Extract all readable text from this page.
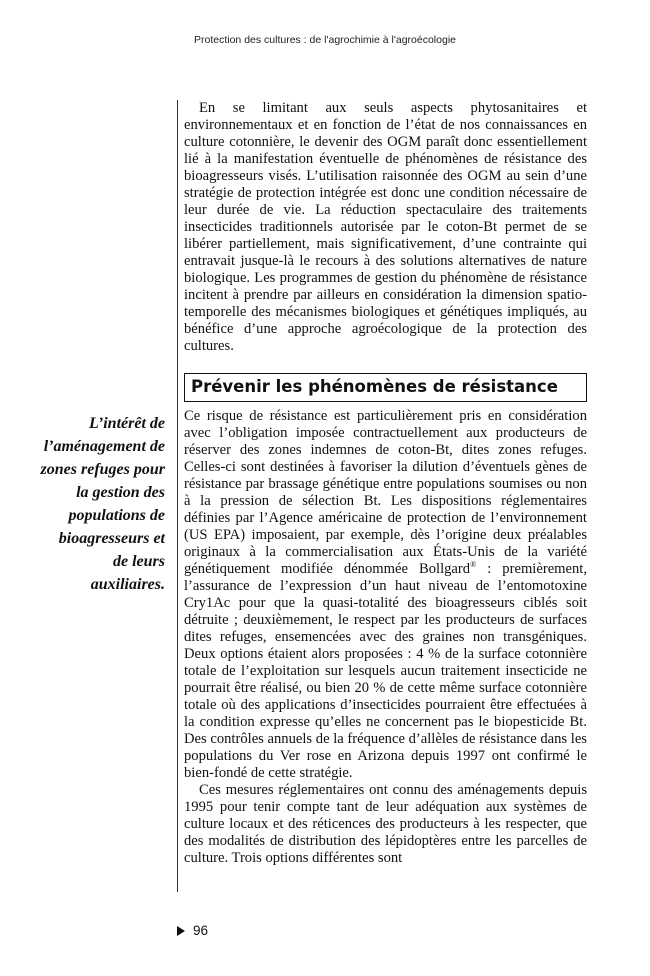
Protection des cultures : de l'agrochimie à l'agroécologie

En se limitant aux seuls aspects phytosanitaires et environnementaux et en fonction de l’état de nos connaissances en culture cotonnière, le devenir des OGM paraît donc essentiellement lié à la manifestation éventuelle de phénomènes de résistance des bioagresseurs visés. L’utilisation raisonnée des OGM au sein d’une stratégie de protection intégrée est donc une condition nécessaire de leur durée de vie. La réduction spectaculaire des traitements insecticides traditionnels autorisée par le coton-Bt permet de se libérer partiellement, mais significativement, d’une contrainte qui entravait jusque-là le recours à des solutions alternatives de nature biologique. Les programmes de gestion du phénomène de résistance incitent à prendre par ailleurs en considération la dimension spatio-temporelle des mécanismes biologiques et génétiques impliqués, au bénéfice d’une approche agroécologique de la protection des cultures.

Prévenir les phénomènes de résistance

Ce risque de résistance est particulièrement pris en considération avec l’obligation imposée contractuellement aux producteurs de réserver des zones indemnes de coton-Bt, dites zones refuges. Celles-ci sont destinées à favoriser la dilution d’éventuels gènes de résistance par brassage génétique entre populations soumises ou non à la pression de sélection Bt. Les dispositions réglementaires définies par l’Agence américaine de protection de l’environnement (US EPA) imposaient, par exemple, dès l’origine deux préalables originaux à la commercialisation aux États-Unis de la variété génétiquement modifiée dénommée Bollgard® : premièrement, l’assurance de l’expression d’un haut niveau de l’entomotoxine Cry1Ac pour que la quasi-totalité des bioagresseurs ciblés soit détruite ; deuxièmement, le respect par les producteurs de surfaces dites refuges, ensemencées avec des graines non transgéniques. Deux options étaient alors proposées : 4 % de la surface cotonnière totale de l’exploitation sur lesquels aucun traitement insecticide ne pourrait être réalisé, ou bien 20 % de cette même surface cotonnière totale où des applications d’insecticides pourraient être effectuées à la condition expresse qu’elles ne concernent pas le biopesticide Bt. Des contrôles annuels de la fréquence d’allèles de résistance dans les populations du Ver rose en Arizona depuis 1997 ont confirmé le bien-fondé de cette stratégie.

Ces mesures réglementaires ont connu des aménagements depuis 1995 pour tenir compte tant de leur adéquation aux systèmes de culture locaux et des réticences des producteurs à les respecter, que des modalités de distribution des lépidoptères entre les parcelles de culture. Trois options différentes sont

L’intérêt de l’aménagement de zones refuges pour la gestion des populations de bioagresseurs et de leurs auxiliaires.
96
